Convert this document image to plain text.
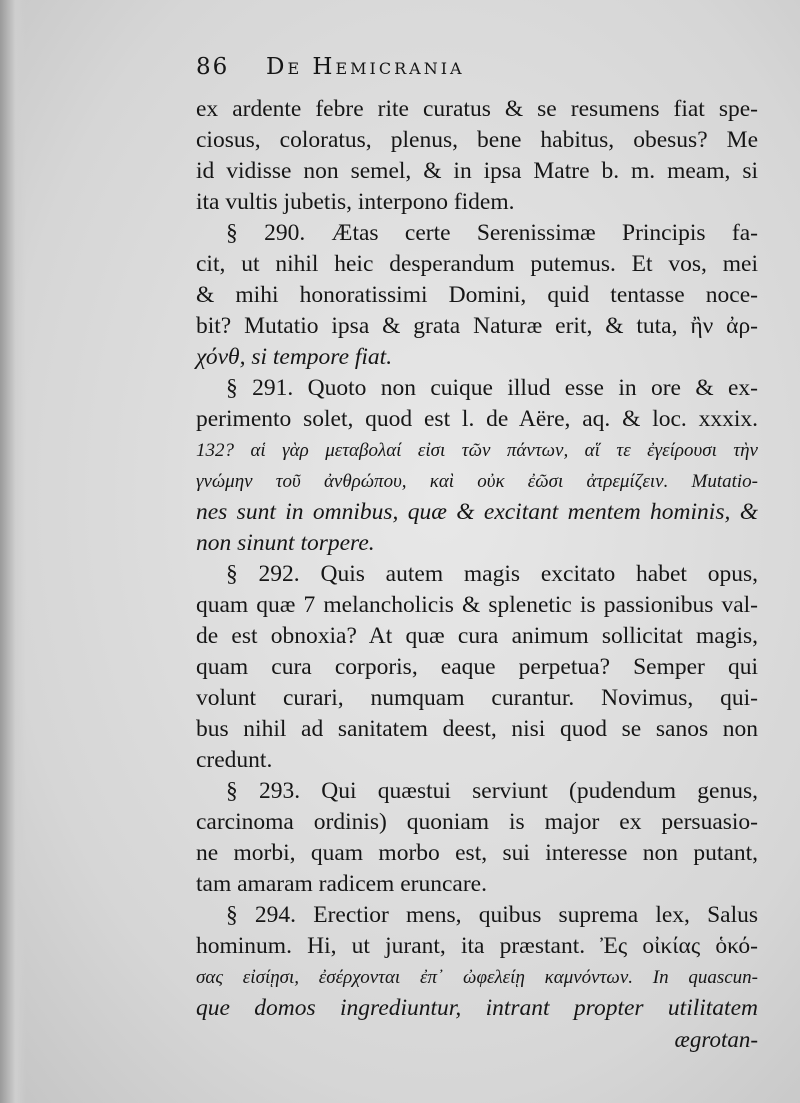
86	De Hemicrania
ex ardente febre rite curatus & se resumens fiat spe-
ciosus, coloratus, plenus, bene habitus, obesus? Me
id vidisse non semel, & in ipsa Matre b. m. meam, si
ita vultis jubetis, interpono fidem.
§ 290. Ætas certe Serenissimæ Principis fa-
cit, ut nihil heic desperandum putemus. Et vos, mei
& mihi honoratissimi Domini, quid tentasse noce-
bit? Mutatio ipsa & grata Naturæ erit, & tuta, ἢν ἀρ-
χόνθ, si tempore fiat.
§ 291. Quoto non cuique illud esse in ore & ex-
perimento solet, quod est l. de Aëre, aq. & loc. xxxix.
132? αἱ γὰρ μεταβολαί εἰσι τῶν πάντων, αἵ τε ἐγείρουσι τὴν
γνώμην τοῦ ἀνθρώπου, καὶ οὐκ ἐῶσι ἀτρεμίζειν. Mutatio-
nes sunt in omnibus, quæ & excitant mentem hominis, &
non sinunt torpere.
§ 292. Quis autem magis excitato habet opus,
quam quæ 7 melancholicis & splenetic is passionibus val-
de est obnoxia? At quæ cura animum sollicitat magis,
quam cura corporis, eaque perpetua? Semper qui
volunt curari, numquam curantur. Novimus, qui-
bus nihil ad sanitatem deest, nisi quod se sanos non
credunt.
§ 293. Qui quæstui serviunt (pudendum genus,
carcinoma ordinis) quoniam is major ex persuasio-
ne morbi, quam morbo est, sui interesse non putant,
tam amaram radicem eruncare.
§ 294. Erectior mens, quibus suprema lex, Salus
hominum. Hi, ut jurant, ita præstant. Ἐς οἰκίας ὁκό-
σας εἰσίῃσι, ἐσέρχονται ἐπ᾿ ὠφελείῃ καμνόντων. In quascun-
que domos ingrediuntur, intrant propter utilitatem
ægrotan-
